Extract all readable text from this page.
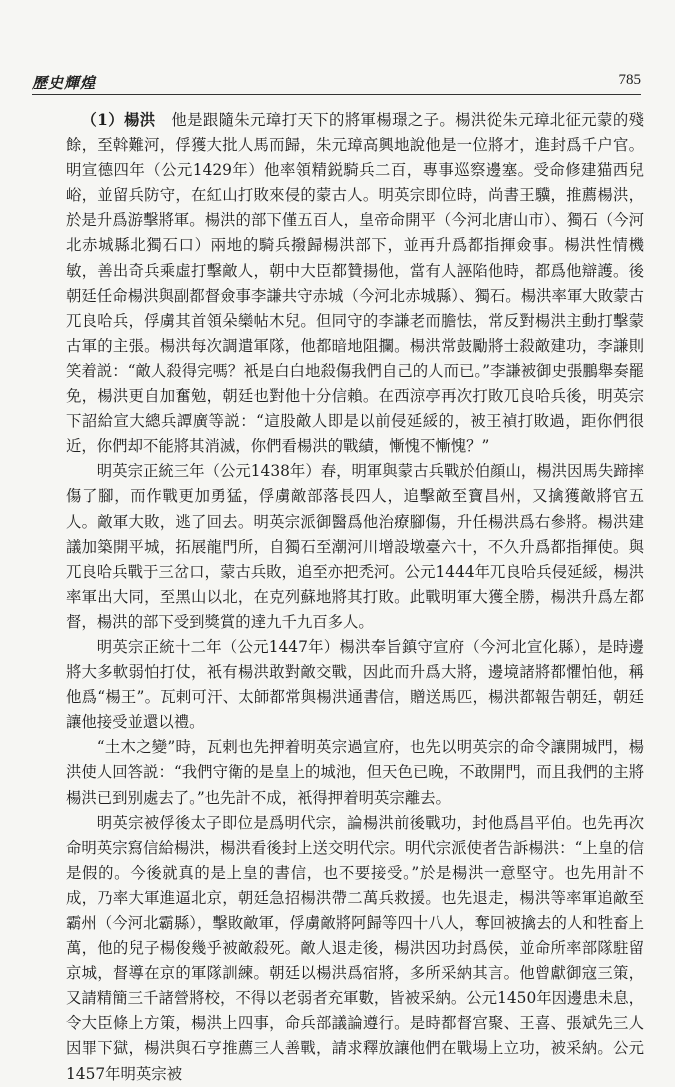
歷史輝煌	785

（1）楊洪　 他是跟隨朱元璋打天下的將軍楊璟之子。楊洪從朱元璋北征元蒙的殘餘，至斡難河，俘獲大批人馬而歸，朱元璋高興地說他是一位將才，進封爲千户官。明宣德四年（公元1429年）他率領精鋭騎兵二百，專事巡察邊塞。受命修建猫西兒峪，並留兵防守，在紅山打敗來侵的蒙古人。明英宗即位時，尚書王驥，推薦楊洪，於是升爲游擊將軍。楊洪的部下僅五百人，皇帝命開平（今河北唐山市）、獨石（今河北赤城縣北獨石口）兩地的騎兵撥歸楊洪部下，並再升爲都指揮僉事。楊洪性情機敏，善出奇兵乘虛打擊敵人，朝中大臣都贊揚他，當有人誣陷他時，都爲他辯護。後朝廷任命楊洪與副都督僉事李謙共守赤城（今河北赤城縣）、獨石。楊洪率軍大敗蒙古兀良哈兵，俘虜其首領朵欒帖木兒。但同守的李謙老而膽怯，常反對楊洪主動打擊蒙古軍的主張。楊洪每次調遣軍隊，他都暗地阻攔。楊洪常鼓勵將士殺敵建功，李謙則笑着説：“敵人殺得完嗎？衹是白白地殺傷我們自己的人而已。”李謙被御史張鵬舉奏罷免，楊洪更自加奮勉，朝廷也對他十分信賴。在西涼亭再次打敗兀良哈兵後，明英宗下詔給宣大總兵譚廣等説：“這股敵人即是以前侵延綏的，被王禎打敗過，距你們很近，你們却不能將其消滅，你們看楊洪的戰績，慚愧不慚愧？”

明英宗正統三年（公元1438年）春，明軍與蒙古兵戰於伯顔山，楊洪因馬失蹄摔傷了腳，而作戰更加勇猛，俘虜敵部落長四人，追擊敵至寶昌州，又擒獲敵將官五人。敵軍大敗，逃了回去。明英宗派御醫爲他治療腳傷，升任楊洪爲右參將。楊洪建議加築開平城，拓展龍門所，自獨石至潮河川增設墩臺六十，不久升爲都指揮使。與兀良哈兵戰于三岔口，蒙古兵敗，追至亦把禿河。公元1444年兀良哈兵侵延綏，楊洪率軍出大同，至黑山以北，在克列蘇地將其打敗。此戰明軍大獲全勝，楊洪升爲左都督，楊洪的部下受到獎賞的達九千九百多人。

明英宗正統十二年（公元1447年）楊洪奉旨鎮守宣府（今河北宣化縣），是時邊將大多軟弱怕打仗，衹有楊洪敢對敵交戰，因此而升爲大將，邊境諸將都懼怕他，稱他爲“楊王”。瓦剌可汗、太師都常與楊洪通書信，贈送馬匹，楊洪都報告朝廷，朝廷讓他接受並還以禮。

“土木之變”時，瓦剌也先押着明英宗過宣府，也先以明英宗的命令讓開城門，楊洪使人回答説：“我們守衛的是皇上的城池，但天色已晚，不敢開門，而且我們的主將楊洪已到别處去了。”也先計不成，衹得押着明英宗離去。

明英宗被俘後太子即位是爲明代宗，論楊洪前後戰功，封他爲昌平伯。也先再次命明英宗寫信給楊洪，楊洪看後封上送交明代宗。明代宗派使者告訴楊洪：“上皇的信是假的。今後就真的是上皇的書信，也不要接受。”於是楊洪一意堅守。也先用計不成，乃率大軍進逼北京，朝廷急招楊洪帶二萬兵救援。也先退走，楊洪等率軍追敵至霸州（今河北霸縣），擊敗敵軍，俘虜敵將阿歸等四十八人，奪回被擒去的人和牲畜上萬，他的兒子楊俊幾乎被敵殺死。敵人退走後，楊洪因功封爲侯，並命所率部隊駐留京城，督導在京的軍隊訓練。朝廷以楊洪爲宿將，多所采納其言。他曾獻御寇三策，又請精簡三千諸營將校，不得以老弱者充軍數，皆被采納。公元1450年因邊患未息，令大臣條上方策，楊洪上四事，命兵部議論遵行。是時都督宫聚、王喜、張斌先三人因罪下獄，楊洪與石亨推薦三人善戰，請求釋放讓他們在戰場上立功，被采納。公元1457年明英宗被
